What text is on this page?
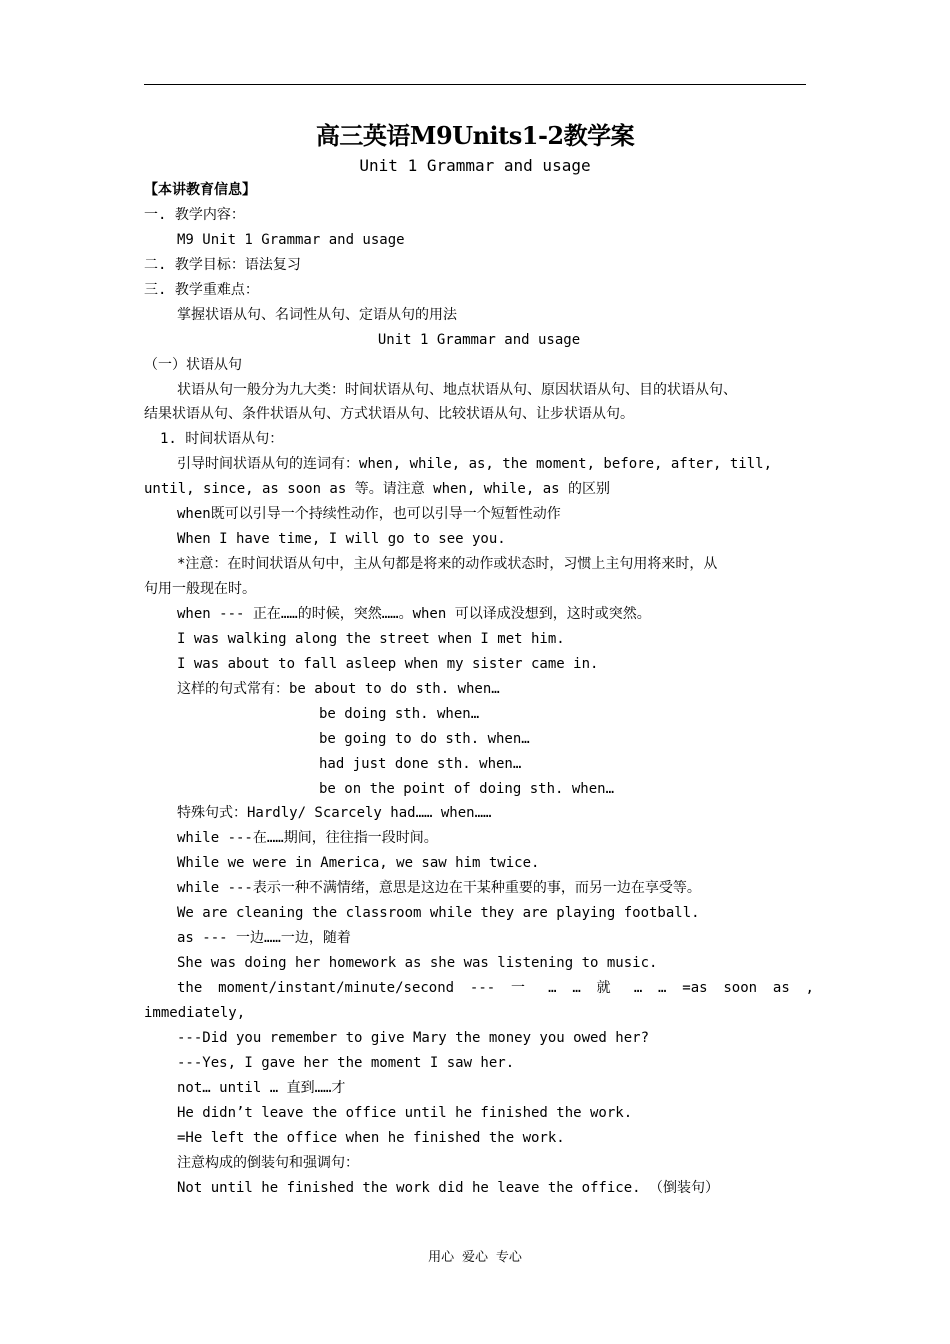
高三英语M9Units1-2教学案
Unit 1 Grammar and usage
【本讲教育信息】
一. 教学内容：
M9 Unit 1 Grammar and usage
二. 教学目标：语法复习
三. 教学重难点：
掌握状语从句、名词性从句、定语从句的用法
Unit 1 Grammar and usage
（一）状语从句
状语从句一般分为九大类：时间状语从句、地点状语从句、原因状语从句、目的状语从句、
结果状语从句、条件状语从句、方式状语从句、比较状语从句、让步状语从句。
1. 时间状语从句：
引导时间状语从句的连词有：when, while, as, the moment, before, after, till,
until, since, as soon as 等。请注意 when, while, as 的区别
when既可以引导一个持续性动作，也可以引导一个短暂性动作
When I have time, I will go to see you.
*注意：在时间状语从句中，主从句都是将来的动作或状态时，习惯上主句用将来时，从
句用一般现在时。
when --- 正在……的时候，突然……。when 可以译成没想到，这时或突然。
I was walking along the street when I met him.
I was about to fall asleep when my sister came in.
这样的句式常有：be about to do sth. when…
be doing sth. when…
be going to do sth. when…
had just done sth. when…
be on the point of doing sth. when…
特殊句式：Hardly/ Scarcely had…… when……
while ---在……期间，往往指一段时间。
While we were in America, we saw him twice.
while ---表示一种不满情绪，意思是这边在干某种重要的事，而另一边在享受等。
We are cleaning the classroom while they are playing football.
as --- 一边……一边，随着
She was doing her homework as she was listening to music.
the moment/instant/minute/second --- 一 … … 就 … … =as soon as ,
immediately,
---Did you remember to give Mary the money you owed her?
---Yes, I gave her the moment I saw her.
not… until … 直到……才
He didn’t leave the office until he finished the work.
=He left the office when he finished the work.
注意构成的倒装句和强调句：
Not until he finished the work did he leave the office. （倒装句）
用心 爱心 专心
